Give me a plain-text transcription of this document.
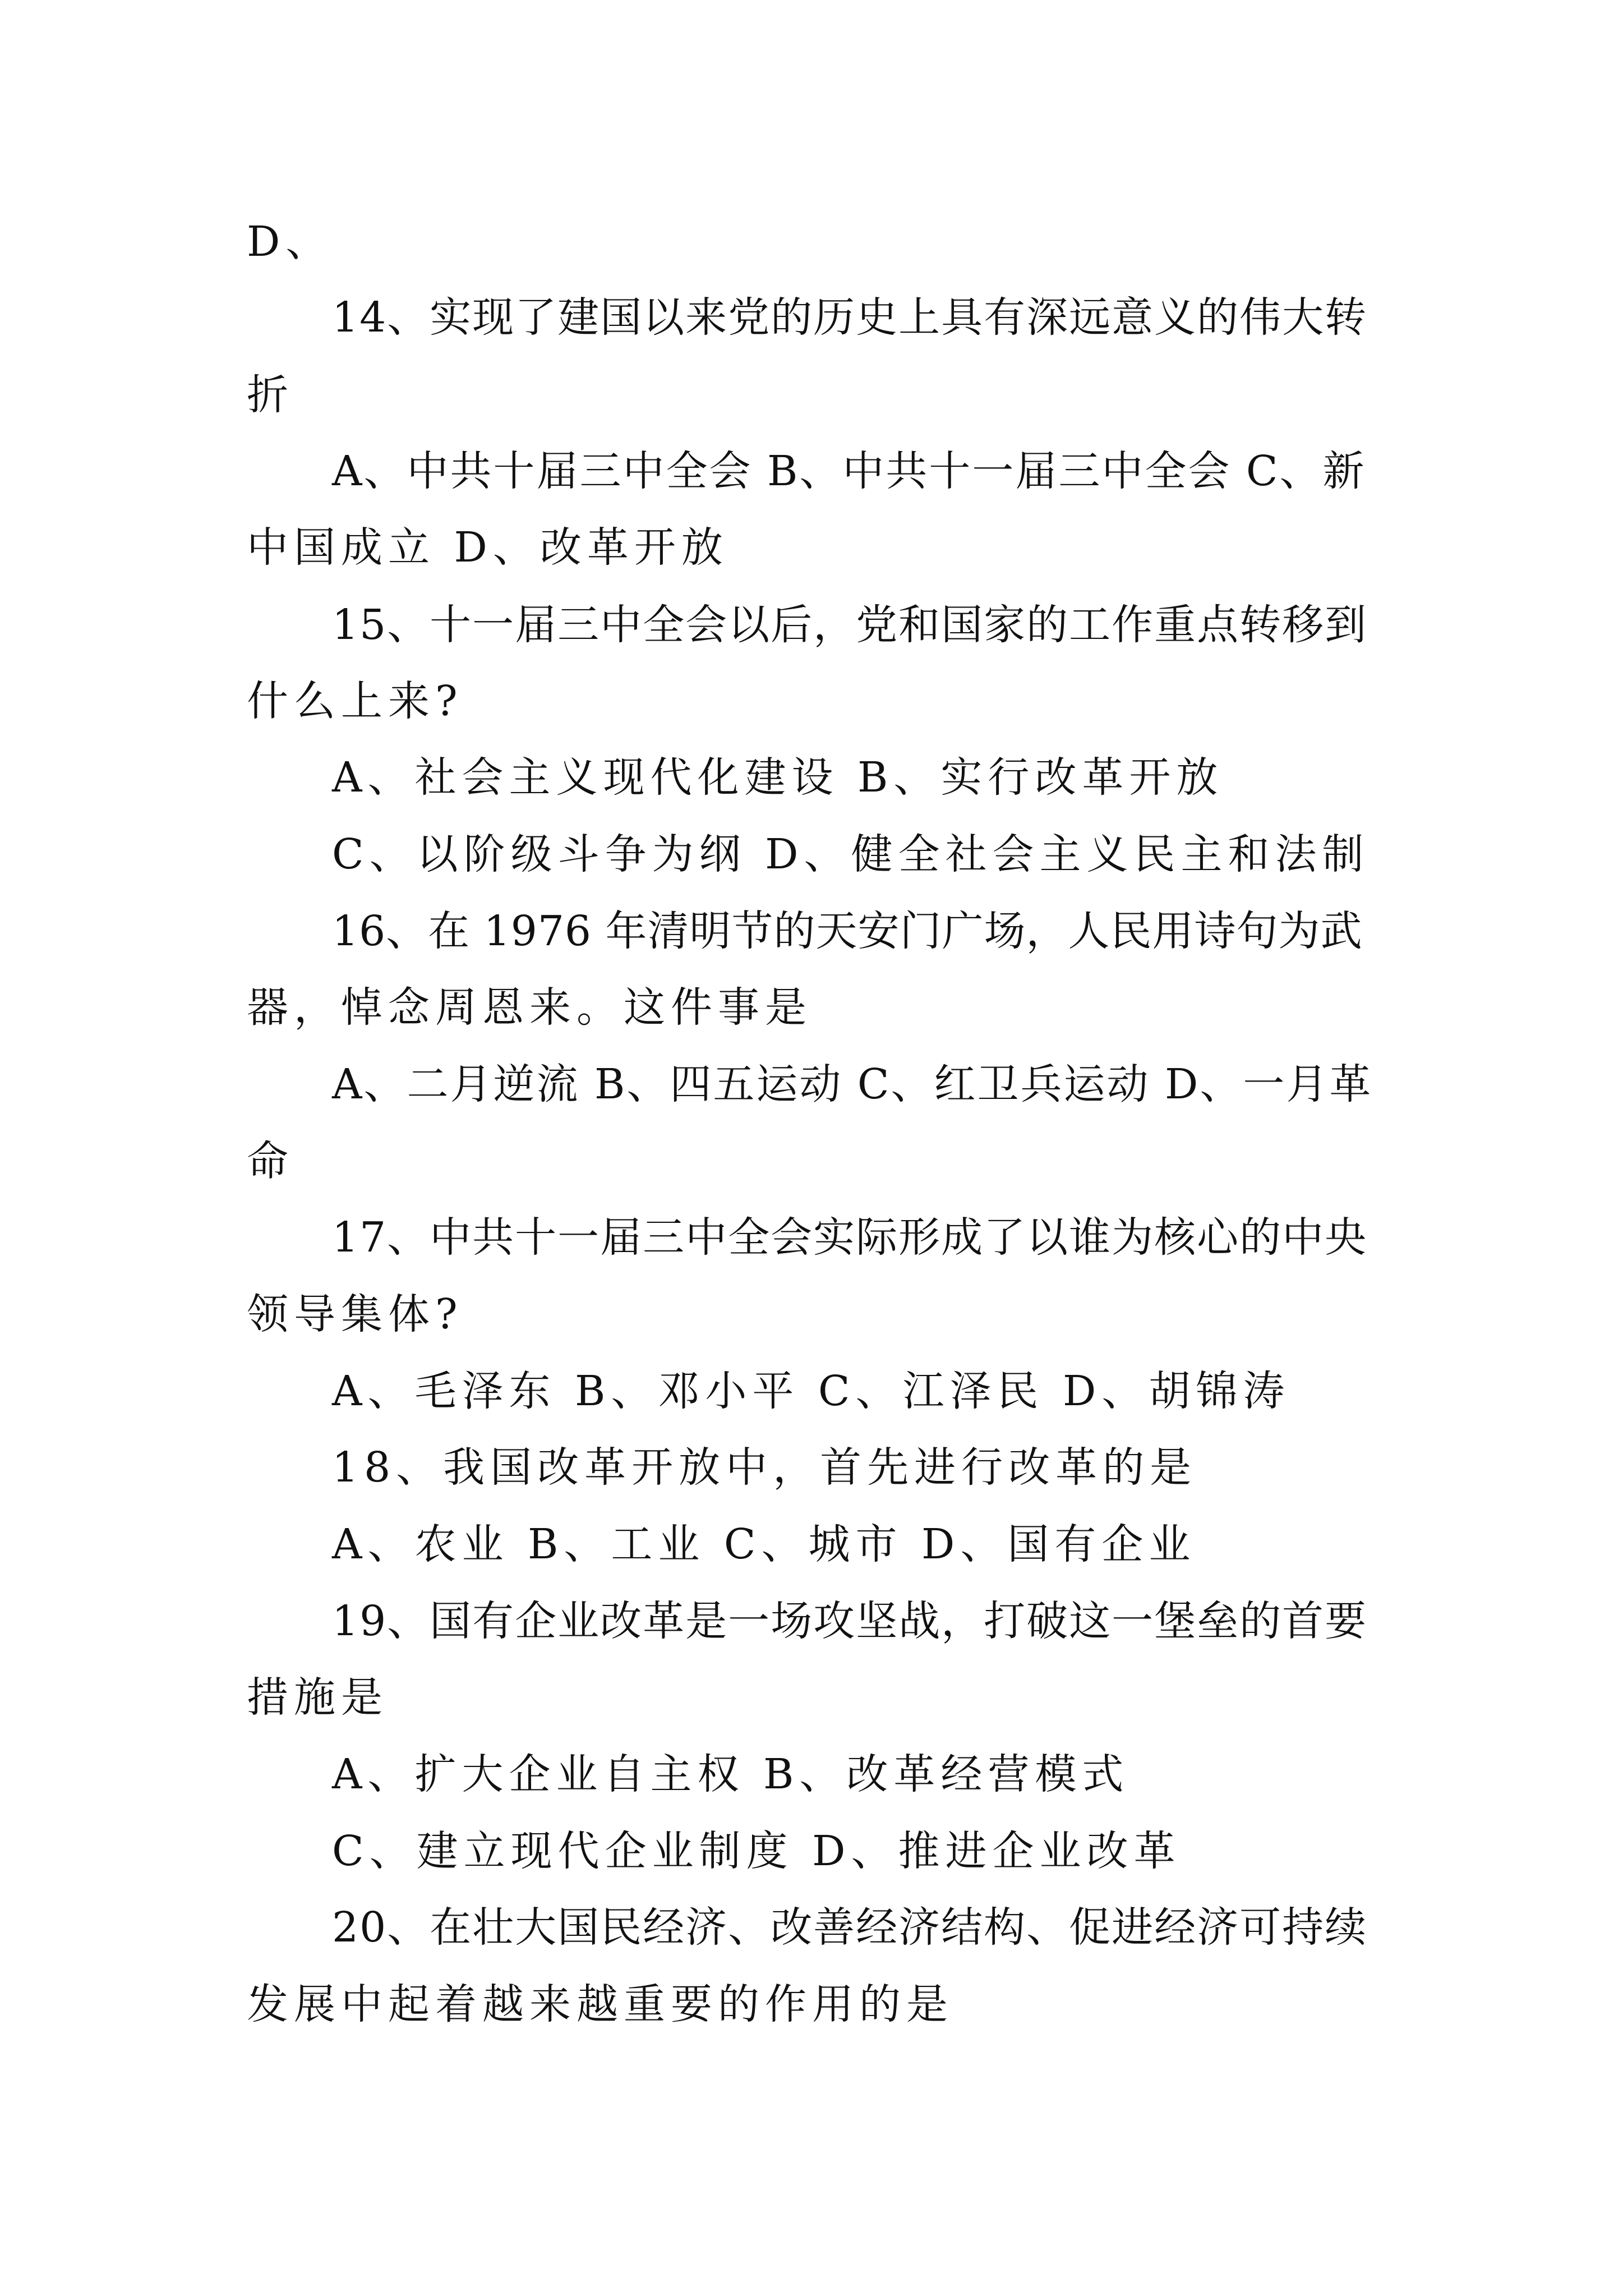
D、

14、实现了建国以来党的历史上具有深远意义的伟大转

折

A、中共十届三中全会 B、中共十一届三中全会 C、新

中国成立 D、改革开放

15、十一届三中全会以后，党和国家的工作重点转移到

什么上来?

A、社会主义现代化建设 B、实行改革开放

C、以阶级斗争为纲 D、健全社会主义民主和法制

16、在 1976 年清明节的天安门广场，人民用诗句为武

器，悼念周恩来。这件事是

A、二月逆流 B、四五运动 C、红卫兵运动 D、一月革

命

17、中共十一届三中全会实际形成了以谁为核心的中央

领导集体?

A、毛泽东 B、邓小平 C、江泽民 D、胡锦涛

18、我国改革开放中，首先进行改革的是

A、农业 B、工业 C、城市 D、国有企业

19、国有企业改革是一场攻坚战，打破这一堡垒的首要

措施是

A、扩大企业自主权 B、改革经营模式

C、建立现代企业制度 D、推进企业改革

20、在壮大国民经济、改善经济结构、促进经济可持续

发展中起着越来越重要的作用的是
